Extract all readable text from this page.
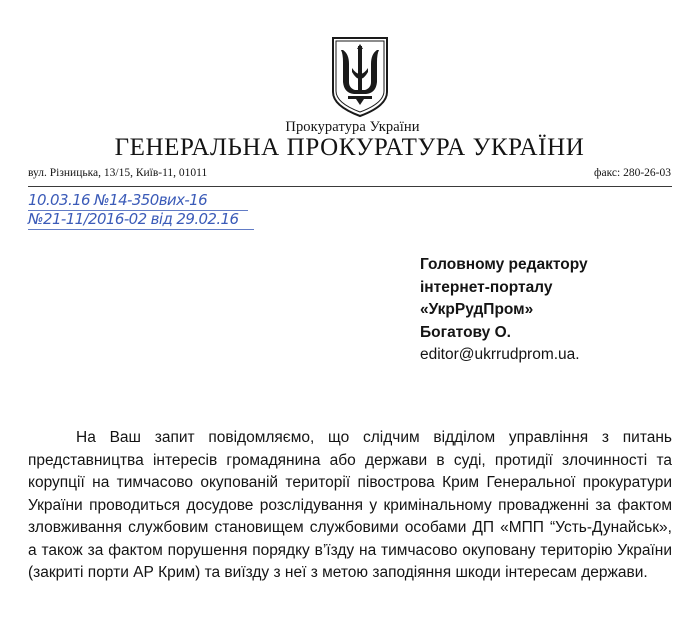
Прокуратура України
ГЕНЕРАЛЬНА ПРОКУРАТУРА УКРАЇНИ
вул. Різницька, 13/15, Київ-11, 01011	факс: 280-26-03
10.03.16 №14-350вих-16
№21-11/2016-02 від 29.02.16
Головному редактору
інтернет-порталу
«УкрРудПром»
Богатову О.
editor@ukrrudprom.ua.

На Ваш запит повідомляємо, що слідчим відділом управління з питань представництва інтересів громадянина або держави в суді, протидії злочинності та корупції на тимчасово окупованій території півострова Крим Генеральної прокуратури України проводиться досудове розслідування у кримінальному провадженні за фактом зловживання службовим становищем службовими особами ДП «МПП “Усть-Дунайськ», а також за фактом порушення порядку в’їзду на тимчасово окуповану територію України (закриті порти АР Крим) та виїзду з неї з метою заподіяння шкоди інтересам держави.
